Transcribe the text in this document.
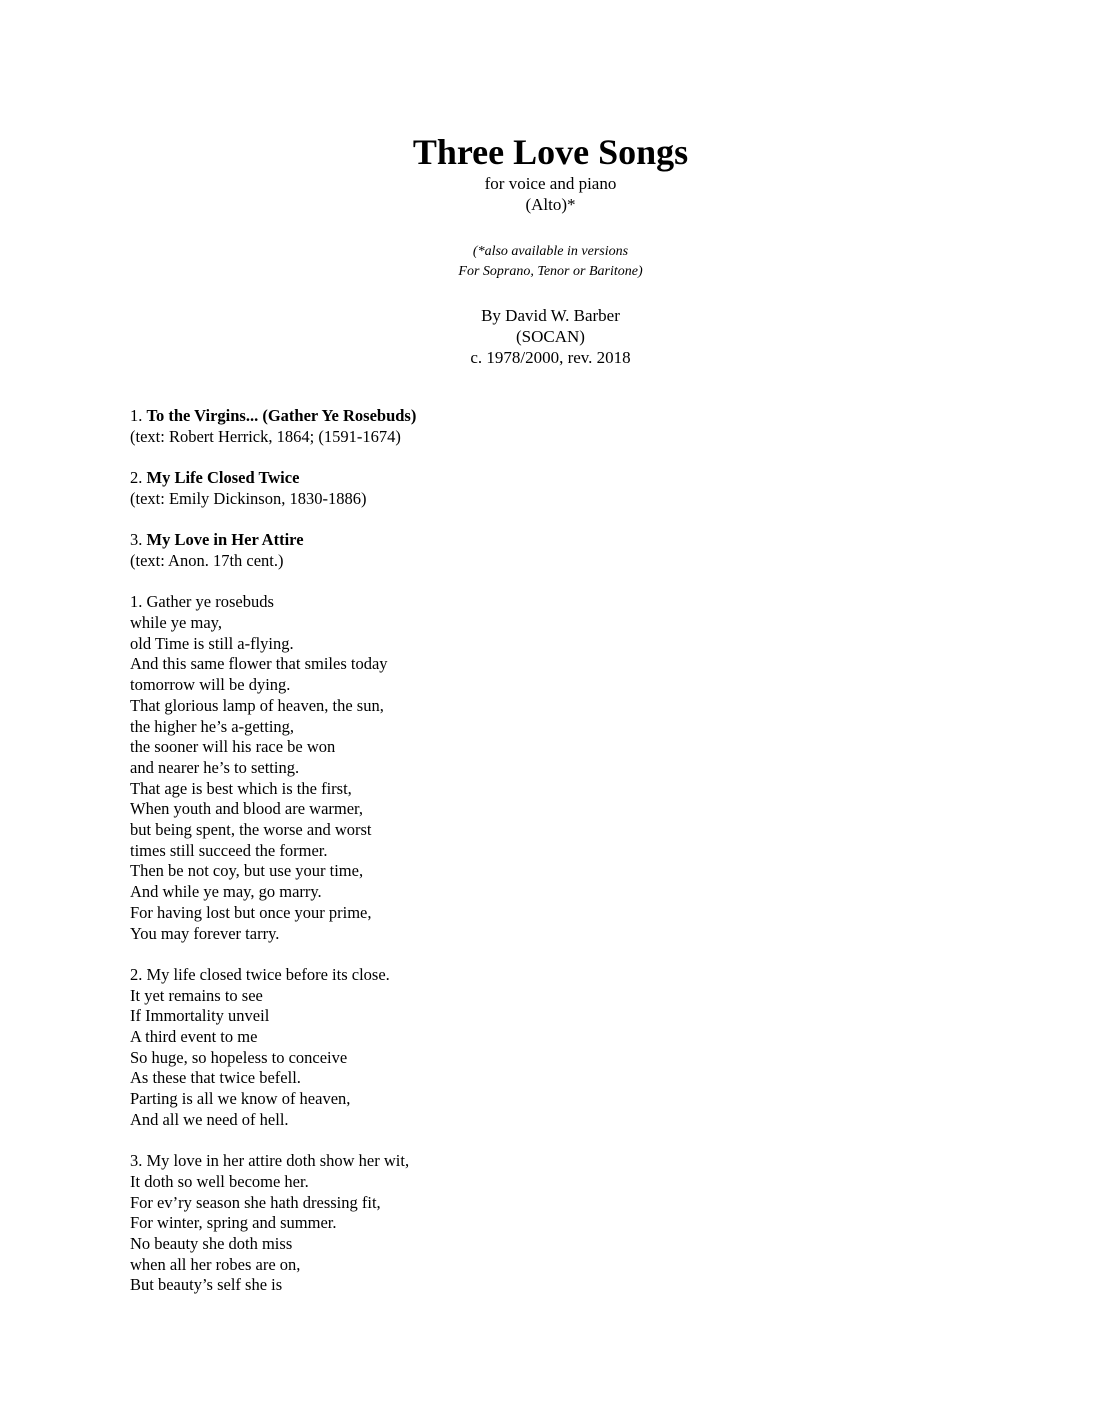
Three Love Songs
for voice and piano
(Alto)*
(*also available in versions
For Soprano, Tenor or Baritone)
By David W. Barber
(SOCAN)
c. 1978/2000, rev. 2018
1. To the Virgins... (Gather Ye Rosebuds)
(text: Robert Herrick, 1864; (1591-1674)
2. My Life Closed Twice
(text: Emily Dickinson, 1830-1886)
3. My Love in Her Attire
(text: Anon. 17th cent.)
1. Gather ye rosebuds
while ye may,
old Time is still a-flying.
And this same flower that smiles today
tomorrow will be dying.
That glorious lamp of heaven, the sun,
the higher he’s a-getting,
the sooner will his race be won
and nearer he’s to setting.
That age is best which is the first,
When youth and blood are warmer,
but being spent, the worse and worst
times still succeed the former.
Then be not coy, but use your time,
And while ye may, go marry.
For having lost but once your prime,
You may forever tarry.
2. My life closed twice before its close.
It yet remains to see
If Immortality unveil
A third event to me
So huge, so hopeless to conceive
As these that twice befell.
Parting is all we know of heaven,
And all we need of hell.
3. My love in her attire doth show her wit,
It doth so well become her.
For ev’ry season she hath dressing fit,
For winter, spring and summer.
No beauty she doth miss
when all her robes are on,
But beauty’s self she is
